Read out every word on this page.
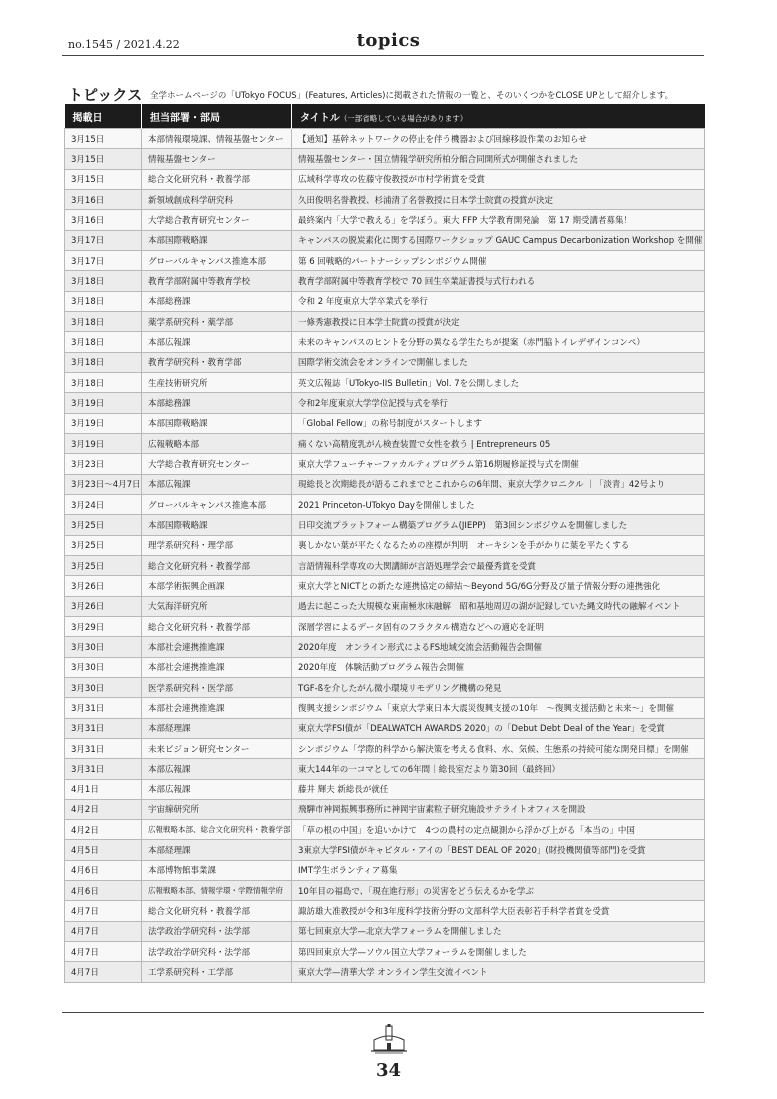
no.1545 / 2021.4.22	topics
トピックス 全学ホームページの「UTokyo FOCUS」(Features, Articles)に掲載された情報の一覧と、そのいくつかをCLOSE UPとして紹介します。
掲載日	担当部署・部局	タイトル（一部省略している場合があります）
3月15日	本部情報環境課、情報基盤センター	【通知】基幹ネットワークの停止を伴う機器および回線移設作業のお知らせ
3月15日	情報基盤センター	情報基盤センター・国立情報学研究所柏分館合同開所式が開催されました
3月15日	総合文化研究科・教養学部	広域科学専攻の佐藤守俊教授が市村学術賞を受賞
3月16日	新領域創成科学研究科	久田俊明名誉教授、杉浦清了名誉教授に日本学士院賞の授賞が決定
3月16日	大学総合教育研究センター	最終案内「大学で教える」を学ぼう。東大 FFP 大学教育開発論　第 17 期受講者募集！
3月17日	本部国際戦略課	キャンパスの脱炭素化に関する国際ワークショップ GAUC Campus Decarbonization Workshop を開催
3月17日	グローバルキャンパス推進本部	第 6 回戦略的パートナーシップシンポジウム開催
3月18日	教育学部附属中等教育学校	教育学部附属中等教育学校で 70 回生卒業証書授与式行われる
3月18日	本部総務課	令和 2 年度東京大学卒業式を挙行
3月18日	薬学系研究科・薬学部	一條秀憲教授に日本学士院賞の授賞が決定
3月18日	本部広報課	未来のキャンパスのヒントを分野の異なる学生たちが提案（赤門脇トイレデザインコンペ）
3月18日	教育学研究科・教育学部	国際学術交流会をオンラインで開催しました
3月18日	生産技術研究所	英文広報誌「UTokyo-IIS Bulletin」Vol. 7を公開しました
3月19日	本部総務課	令和2年度東京大学学位記授与式を挙行
3月19日	本部国際戦略課	「Global Fellow」の称号制度がスタートします
3月19日	広報戦略本部	痛くない高精度乳がん検査装置で女性を救う | Entrepreneurs 05
3月23日	大学総合教育研究センター	東京大学フューチャーファカルティプログラム第16期履修証授与式を開催
3月23日〜4月7日	本部広報課	現総長と次期総長が語るこれまでとこれからの6年間、東京大学クロニクル ｜「淡青」42号より
3月24日	グローバルキャンパス推進本部	2021 Princeton-UTokyo Dayを開催しました
3月25日	本部国際戦略課	日印交流プラットフォーム構築プログラム(JIEPP)　第3回シンポジウムを開催しました
3月25日	理学系研究科・理学部	裏しかない葉が平たくなるための座標が判明　オーキシンを手がかりに葉を平たくする
3月25日	総合文化研究科・教養学部	言語情報科学専攻の大関講師が言語処理学会で最優秀賞を受賞
3月26日	本部学術振興企画課	東京大学とNICTとの新たな連携協定の締結〜Beyond 5G/6G分野及び量子情報分野の連携強化
3月26日	大気海洋研究所	過去に起こった大規模な東南極氷床融解　昭和基地周辺の湖が記録していた縄文時代の融解イベント
3月29日	総合文化研究科・教養学部	深層学習によるデータ固有のフラクタル構造などへの適応を証明
3月30日	本部社会連携推進課	2020年度　オンライン形式によるFS地域交流会活動報告会開催
3月30日	本部社会連携推進課	2020年度　体験活動プログラム報告会開催
3月30日	医学系研究科・医学部	TGF-ßを介したがん微小環境リモデリング機構の発見
3月31日	本部社会連携推進課	復興支援シンポジウム「東京大学東日本大震災復興支援の10年　〜復興支援活動と未来〜」を開催
3月31日	本部経理課	東京大学FSI債が「DEALWATCH AWARDS 2020」の「Debut Debt Deal of the Year」を受賞
3月31日	未来ビジョン研究センター	シンポジウム「学際的科学から解決策を考える食料、水、気候、生態系の持続可能な開発目標」を開催
3月31日	本部広報課	東大144年の一コマとしての6年間｜総長室だより第30回（最終回）
4月1日	本部広報課	藤井 輝夫 新総長が就任
4月2日	宇宙線研究所	飛騨市神岡振興事務所に神岡宇宙素粒子研究施設サテライトオフィスを開設
4月2日	広報戦略本部、総合文化研究科・教養学部	「草の根の中国」を追いかけて　4つの農村の定点観測から浮かび上がる「本当の」中国
4月5日	本部経理課	3東京大学FSI債がキャピタル・アイの「BEST DEAL OF 2020」(財投機関債等部門)を受賞
4月6日	本部博物館事業課	IMT学生ボランティア募集
4月6日	広報戦略本部、情報学環・学際情報学府	10年目の福島で、「現在進行形」の災害をどう伝えるかを学ぶ
4月7日	総合文化研究科・教養学部	諏訪雄大准教授が令和3年度科学技術分野の文部科学大臣表彰若手科学者賞を受賞
4月7日	法学政治学研究科・法学部	第七回東京大学—北京大学フォーラムを開催しました
4月7日	法学政治学研究科・法学部	第四回東京大学—ソウル国立大学フォーラムを開催しました
4月7日	工学系研究科・工学部	東京大学—清華大学 オンライン学生交流イベント
34
